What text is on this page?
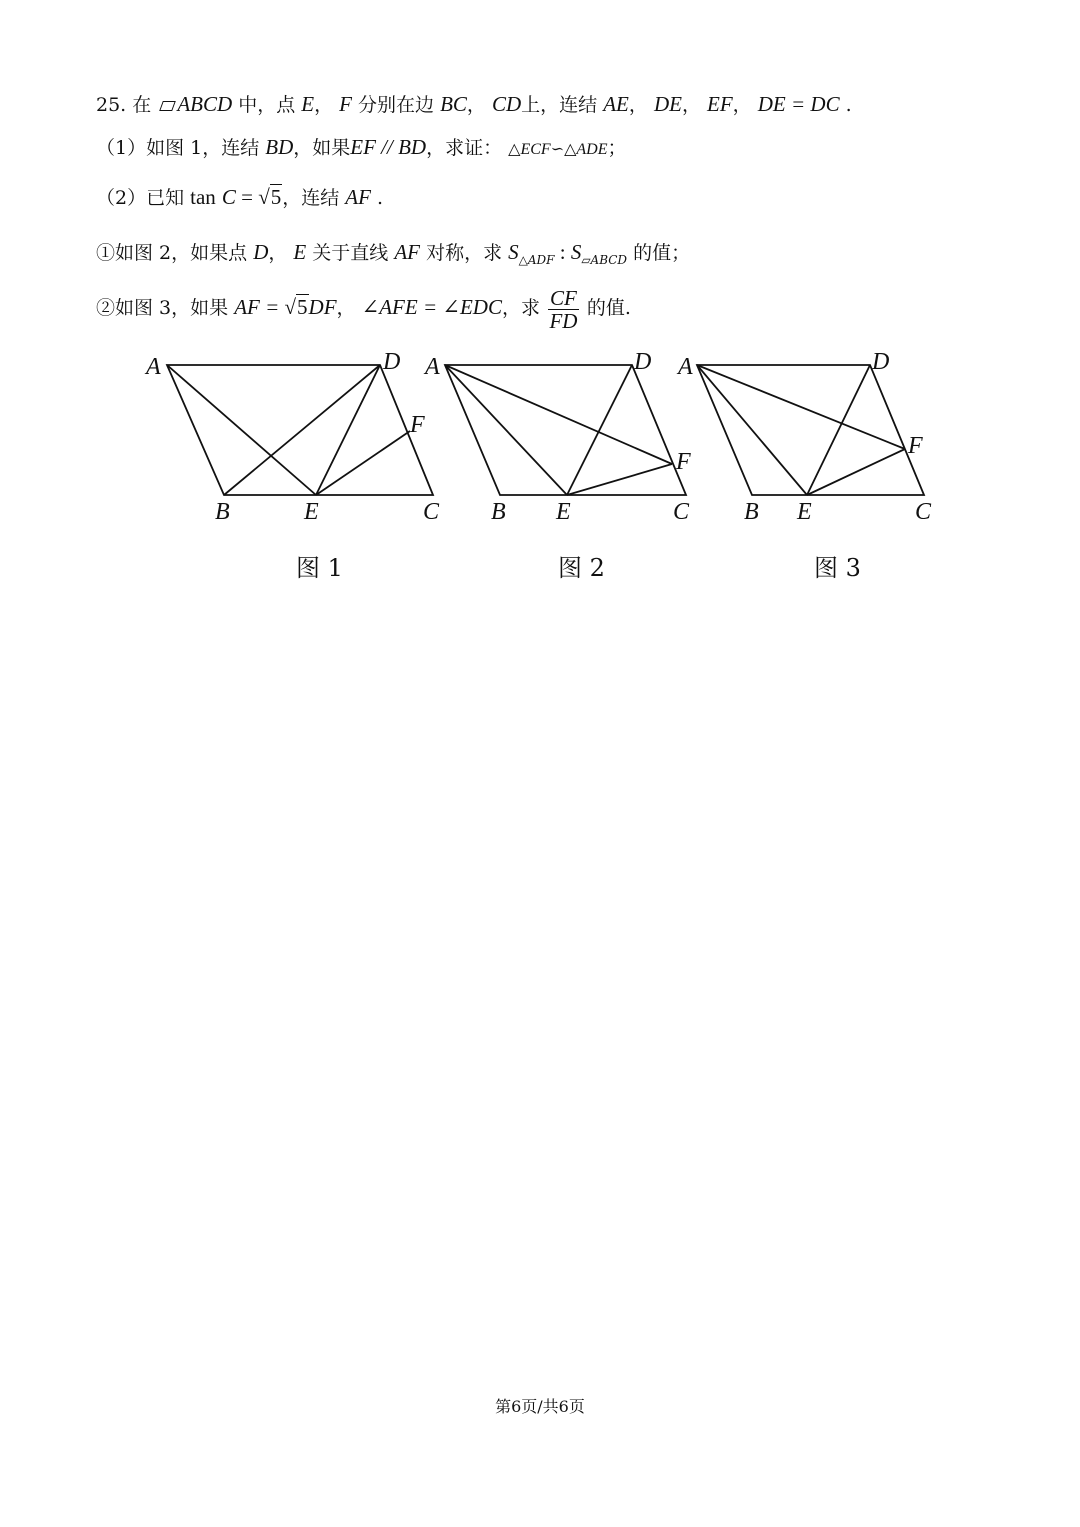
25. 在 ABCD 中，点 E， F 分别在边 BC， CD上，连结 AE， DE， EF， DE = DC .
（1）如图 1，连结 BD，如果EF // BD，求证： △ECF∽△ADE；
（2）已知 tan C = √5，连结 AF .
①如图 2，如果点 D， E 关于直线 AF 对称，求 $S_{\triangle ADF}$ : $S_{▱ABCD}$ 的值；
②如图 3，如果 AF = √5DF， ∠AFE = ∠EDC，求 $\frac{CF}{FD}$ 的值.
A	D
F
B	E	C
A	D
F
B E	C
A	D
F
B E	C
图 1	图 2	图 3
第6页/共6页
